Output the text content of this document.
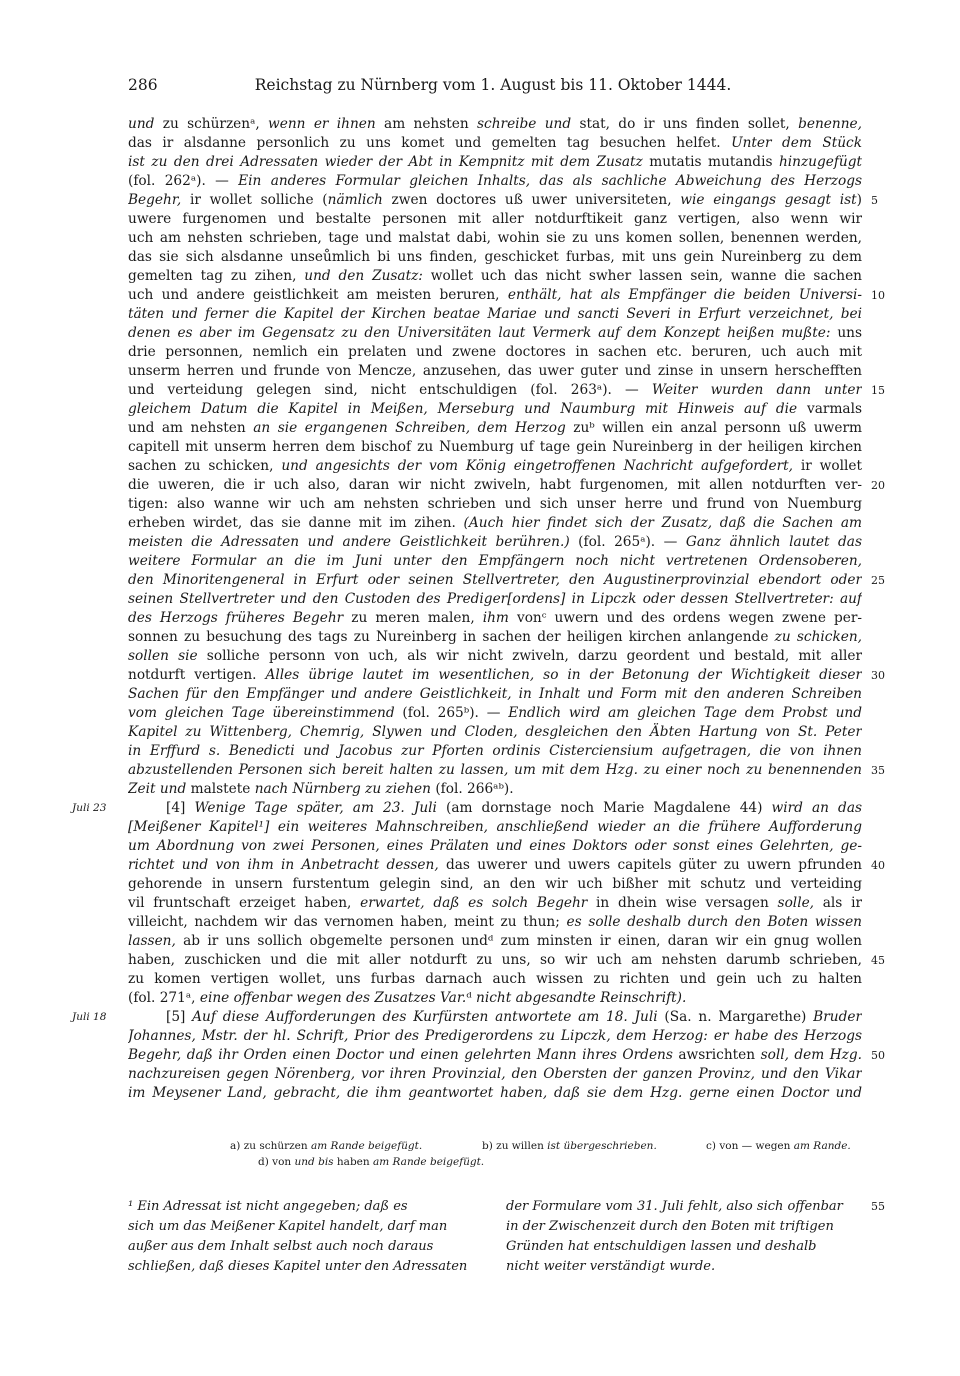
286	Reichstag zu Nürnberg vom 1. August bis 11. Oktober 1444.
und zu schürzenᵃ, wenn er ihnen am nehsten schreibe und stat, do ir uns finden sollet, benenne,
das ir alsdanne personlich zu uns komet und gemelten tag besuchen helfet. Unter dem Stück
ist zu den drei Adressaten wieder der Abt in Kempnitz mit dem Zusatz mutatis mutandis hinzugefügt
(fol. 262ᵃ). — Ein anderes Formular gleichen Inhalts, das als sachliche Abweichung des Herzogs
Begehr, ir wollet solliche (nämlich zwen doctores uß uwer universiteten, wie eingangs gesagt ist)
uwere furgenomen und bestalte personen mit aller notdurftikeit ganz vertigen, also wenn wir
uch am nehsten schrieben, tage und malstat dabi, wohin sie zu uns komen sollen, benennen werden,
das sie sich alsdanne unseůmlich bi uns finden, geschicket furbas, mit uns gein Nureinberg zu dem
gemelten tag zu zihen, und den Zusatz: wollet uch das nicht swher lassen sein, wanne die sachen
uch und andere geistlichkeit am meisten beruren, enthält, hat als Empfänger die beiden Universi-
täten und ferner die Kapitel der Kirchen beatae Mariae und sancti Severi in Erfurt verzeichnet, bei
denen es aber im Gegensatz zu den Universitäten laut Vermerk auf dem Konzept heißen mußte: uns
drie personnen, nemlich ein prelaten und zwene doctores in sachen etc. beruren, uch auch mit
unserm herren und frunde von Mencze, anzusehen, das uwer guter und zinse in unsern herschefften
und verteidung gelegen sind, nicht entschuldigen (fol. 263ᵃ). — Weiter wurden dann unter
gleichem Datum die Kapitel in Meißen, Merseburg und Naumburg mit Hinweis auf die varmals
und am nehsten an sie ergangenen Schreiben, dem Herzog zuᵇ willen ein anzal personn uß uwerm
capitell mit unserm herren dem bischof zu Nuemburg uf tage gein Nureinberg in der heiligen kirchen
sachen zu schicken, und angesichts der vom König eingetroffenen Nachricht aufgefordert, ir wollet
die uweren, die ir uch also, daran wir nicht zwiveln, habt furgenomen, mit allen notdurften ver-
tigen: also wanne wir uch am nehsten schrieben und sich unser herre und frund von Nuemburg
erheben wirdet, das sie danne mit im zihen. (Auch hier findet sich der Zusatz, daß die Sachen am
meisten die Adressaten und andere Geistlichkeit berühren.) (fol. 265ᵃ). — Ganz ähnlich lautet das
weitere Formular an die im Juni unter den Empfängern noch nicht vertretenen Ordensoberen,
den Minoritengeneral in Erfurt oder seinen Stellvertreter, den Augustinerprovinzial ebendort oder
seinen Stellvertreter und den Custoden des Prediger[ordens] in Lipczk oder dessen Stellvertreter: auf
des Herzogs früheres Begehr zu meren malen, ihm vonᶜ uwern und des ordens wegen zwene per-
sonnen zu besuchung des tags zu Nureinberg in sachen der heiligen kirchen anlangende zu schicken,
sollen sie solliche personn von uch, als wir nicht zwiveln, darzu geordent und bestald, mit aller
notdurft vertigen. Alles übrige lautet im wesentlichen, so in der Betonung der Wichtigkeit dieser
Sachen für den Empfänger und andere Geistlichkeit, in Inhalt und Form mit den anderen Schreiben
vom gleichen Tage übereinstimmend (fol. 265ᵇ). — Endlich wird am gleichen Tage dem Probst und
Kapitel zu Wittenberg, Chemrig, Slywen und Cloden, desgleichen den Äbten Hartung von St. Peter
in Erffurd s. Benedicti und Jacobus zur Pforten ordinis Cisterciensium aufgetragen, die von ihnen
abzustellenden Personen sich bereit halten zu lassen, um mit dem Hzg. zu einer noch zu benennenden
Zeit und malstete nach Nürnberg zu ziehen (fol. 266ᵃᵇ).
[4] Wenige Tage später, am 23. Juli (am dornstage noch Marie Magdalene 44) wird an das
[Meißener Kapitel¹] ein weiteres Mahnschreiben, anschließend wieder an die frühere Aufforderung
um Abordnung von zwei Personen, eines Prälaten und eines Doktors oder sonst eines Gelehrten, ge-
richtet und von ihm in Anbetracht dessen, das uwerer und uwers capitels güter zu uwern pfrunden
gehorende in unsern furstentum gelegin sind, an den wir uch bißher mit schutz und verteiding
vil fruntschaft erzeiget haben, erwartet, daß es solch Begehr in dhein wise versagen solle, als ir
villeicht, nachdem wir das vernomen haben, meint zu thun; es solle deshalb durch den Boten wissen
lassen, ab ir uns sollich obgemelte personen undᵈ zum minsten ir einen, daran wir ein gnug wollen
haben, zuschicken und die mit aller notdurft zu uns, so wir uch am nehsten darumb schrieben,
zu komen vertigen wollet, uns furbas darnach auch wissen zu richten und gein uch zu halten
(fol. 271ᵃ, eine offenbar wegen des Zusatzes Var.ᵈ nicht abgesandte Reinschrift).
[5] Auf diese Aufforderungen des Kurfürsten antwortete am 18. Juli (Sa. n. Margarethe) Bruder
Johannes, Mstr. der hl. Schrift, Prior des Predigerordens zu Lipczk, dem Herzog: er habe des Herzogs
Begehr, daß ihr Orden einen Doctor und einen gelehrten Mann ihres Ordens awsrichten soll, dem Hzg.
nachzureisen gegen Nörenberg, vor ihren Provinzial, den Obersten der ganzen Provinz, und den Vikar
im Meysener Land, gebracht, die ihm geantwortet haben, daß sie dem Hzg. gerne einen Doctor und
5
10
15
20
25
30
35
40
45
50
Juli 23
Juli 18
a) zu schürzen am Rande beigefügt.	b) zu willen ist übergeschrieben.	c) von — wegen am Rande.
d) von und bis haben am Rande beigefügt.
¹ Ein Adressat ist nicht angegeben; daß es
sich um das Meißener Kapitel handelt, darf man
außer aus dem Inhalt selbst auch noch daraus
schließen, daß dieses Kapitel unter den Adressaten
der Formulare vom 31. Juli fehlt, also sich offenbar
in der Zwischenzeit durch den Boten mit triftigen
Gründen hat entschuldigen lassen und deshalb
nicht weiter verständigt wurde.
55
